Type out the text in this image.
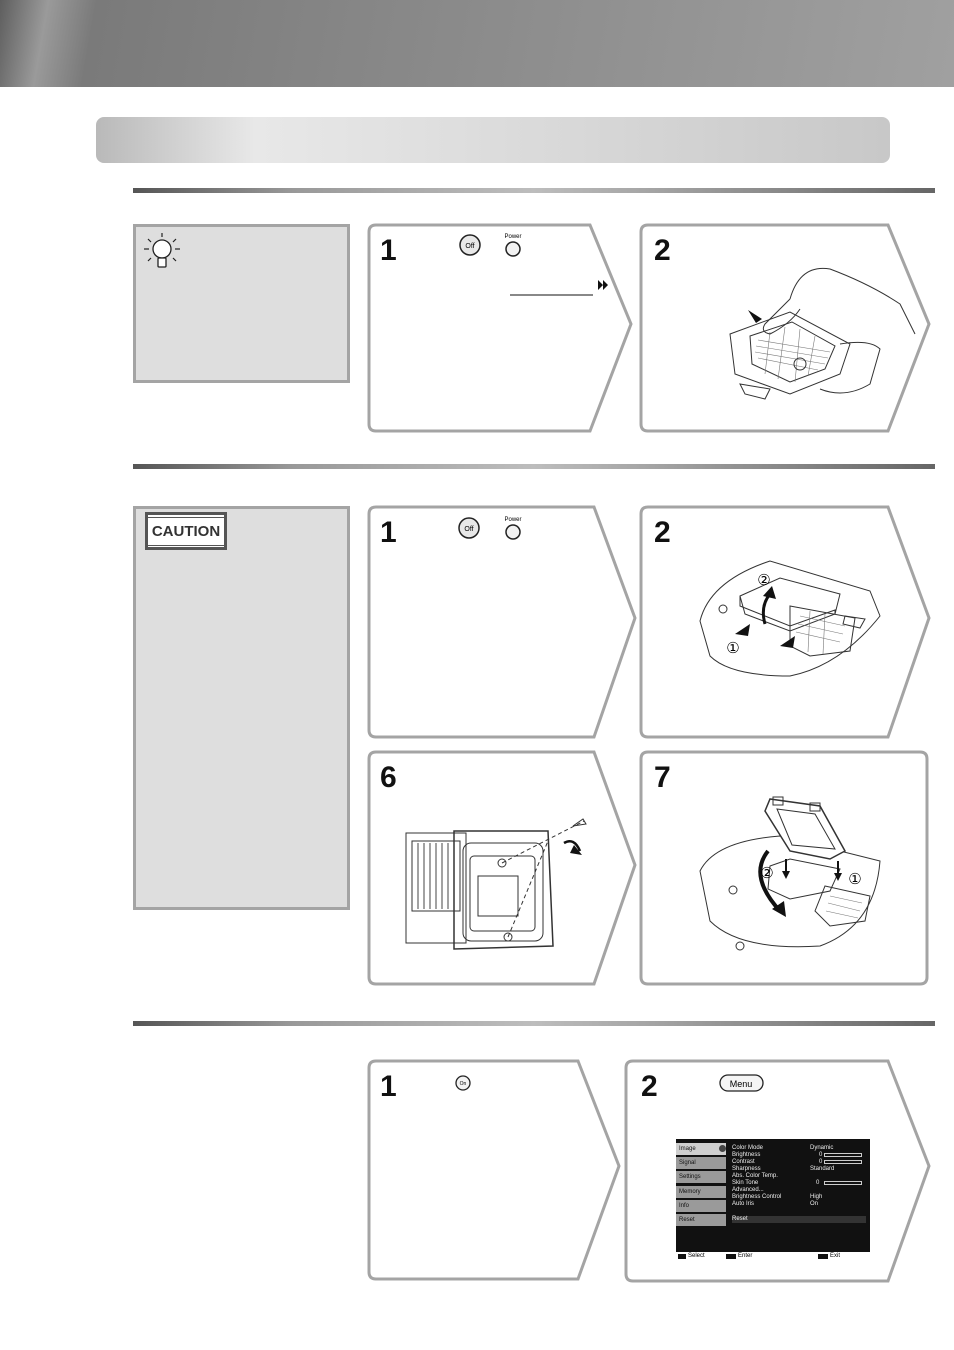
1	Off
Power	2
CAUTION	1	Off
Power	2
②
①
6	7
②	①
1	On	2	Menu
Image
Signal
Settings
Memory
Info
Reset
Color Mode	Dynamic
Brightness	0
Contrast	0
Sharpness	Standard
Abs. Color Temp.
Skin Tone	0
Advanced...
Brightness Control	High
Auto Iris	On
Reset
Select	Enter	Exit
